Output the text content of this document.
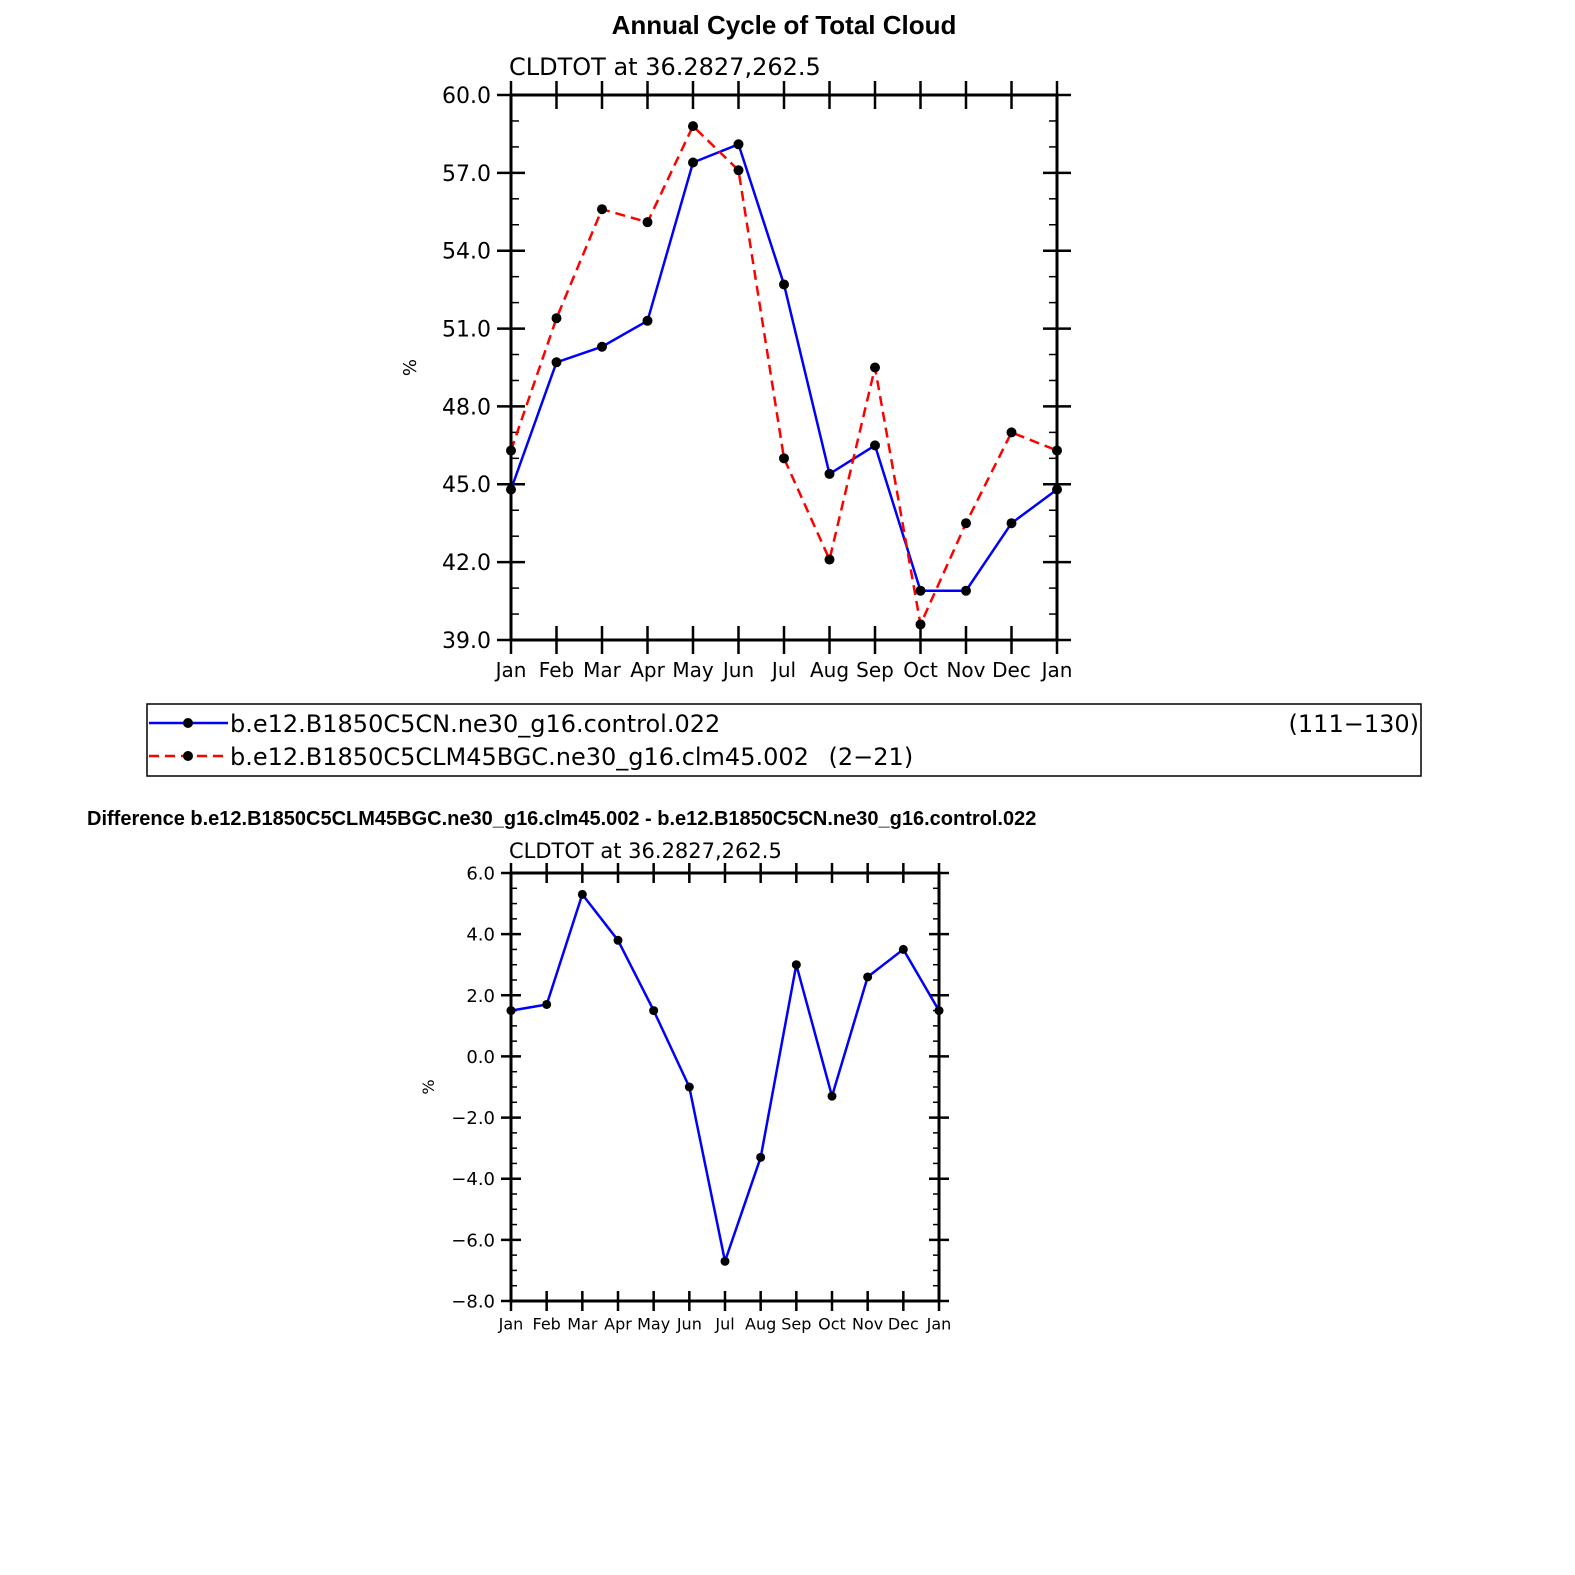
Annual Cycle of Total Cloud
CLDTOT at 36.2827,262.5
39.0
42.0
45.0
48.0
51.0
54.0
57.0
60.0
Jan Feb Mar Apr May Jun Jul Aug Sep Oct Nov Dec Jan
%
b.e12.B1850C5CN.ne30_g16.control.022	(111−130)
b.e12.B1850C5CLM45BGC.ne30_g16.clm45.002 (2−21)
Difference b.e12.B1850C5CLM45BGC.ne30_g16.clm45.002 - b.e12.B1850C5CN.ne30_g16.control.022
CLDTOT at 36.2827,262.5
−8.0
−6.0
−4.0
−2.0
0.0
2.0
4.0
6.0
Jan Feb Mar Apr May Jun Jul Aug Sep Oct Nov Dec Jan
%
